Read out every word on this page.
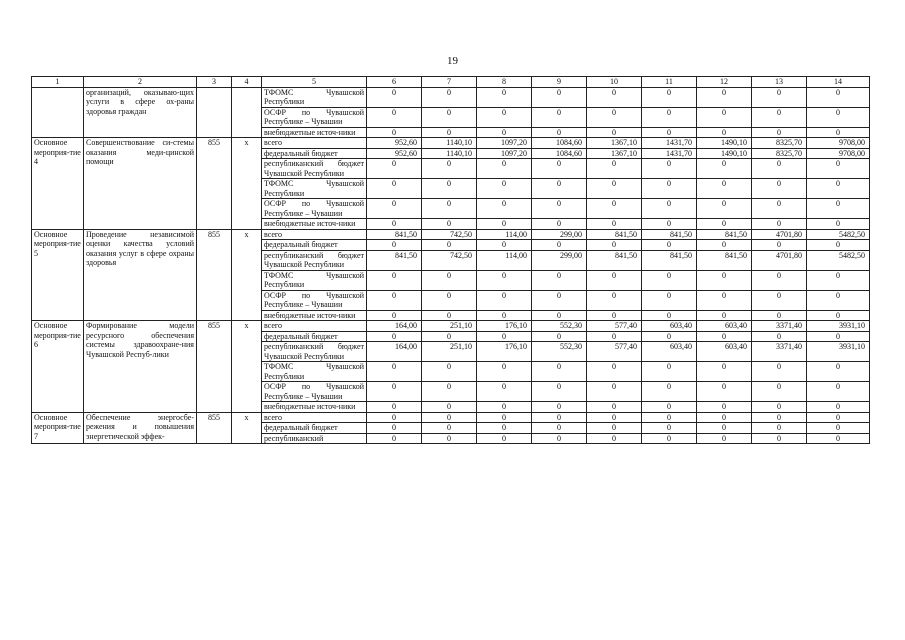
19
1	2	3	4	5	6	7	8	9	10	11	12	13	14
	организаций, оказываю-щих услуги в сфере ох-раны здоровья граждан			ТФОМС Чувашской Республики	0	0	0	0	0	0	0	0	0
				ОСФР по Чувашской Республике – Чувашии	0	0	0	0	0	0	0	0	0
				внебюджетные источ-ники	0	0	0	0	0	0	0	0	0
Основное мероприя-тие 4	Совершенствование си-стемы оказания меди-цинской помощи	855	х	всего	952,60	1140,10	1097,20	1084,60	1367,10	1431,70	1490,10	8325,70	9708,00
				федеральный бюджет	952,60	1140,10	1097,20	1084,60	1367,10	1431,70	1490,10	8325,70	9708,00
				республиканский бюджет Чувашской Республики	0	0	0	0	0	0	0	0	0
				ТФОМС Чувашской Республики	0	0	0	0	0	0	0	0	0
				ОСФР по Чувашской Республике – Чувашии	0	0	0	0	0	0	0	0	0
				внебюджетные источ-ники	0	0	0	0	0	0	0	0	0
Основное мероприя-тие 5	Проведение независимой оценки качества условий оказания услуг в сфере охраны здоровья	855	х	всего	841,50	742,50	114,00	299,00	841,50	841,50	841,50	4701,80	5482,50
				федеральный бюджет	0	0	0	0	0	0	0	0	0
				республиканский бюджет Чувашской Республики	841,50	742,50	114,00	299,00	841,50	841,50	841,50	4701,80	5482,50
				ТФОМС Чувашской Республики	0	0	0	0	0	0	0	0	0
				ОСФР по Чувашской Республике – Чувашии	0	0	0	0	0	0	0	0	0
				внебюджетные источ-ники	0	0	0	0	0	0	0	0	0
Основное мероприя-тие 6	Формирование модели ресурсного обеспечения системы здравоохране-ния Чувашской Респуб-лики	855	х	всего	164,00	251,10	176,10	552,30	577,40	603,40	603,40	3371,40	3931,10
				федеральный бюджет	0	0	0	0	0	0	0	0	0
				республиканский бюджет Чувашской Республики	164,00	251,10	176,10	552,30	577,40	603,40	603,40	3371,40	3931,10
				ТФОМС Чувашской Республики	0	0	0	0	0	0	0	0	0
				ОСФР по Чувашской Республике – Чувашии	0	0	0	0	0	0	0	0	0
				внебюджетные источ-ники	0	0	0	0	0	0	0	0	0
Основное мероприя-тие 7	Обеспечение энергосбе-режения и повышения энергетической эффек-	855	х	всего	0	0	0	0	0	0	0	0	0
				федеральный бюджет	0	0	0	0	0	0	0	0	0
				республиканский	0	0	0	0	0	0	0	0	0
